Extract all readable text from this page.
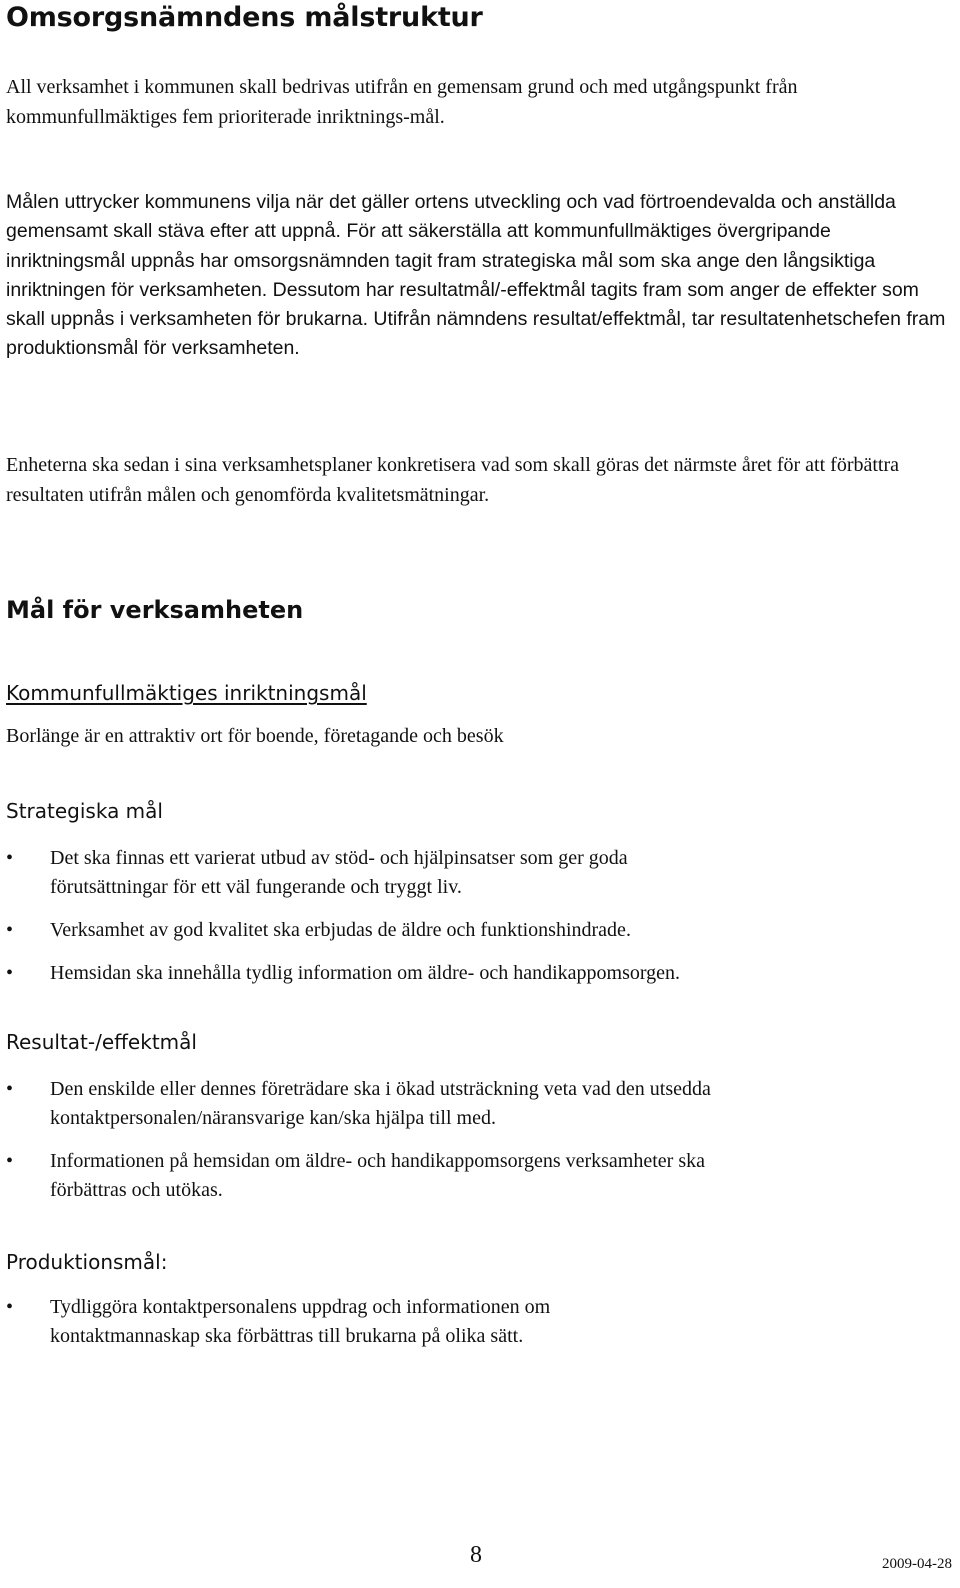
Omsorgsnämndens målstruktur

All verksamhet i kommunen skall bedrivas utifrån en gemensam grund och med utgångspunkt från kommunfullmäktiges fem prioriterade inriktnings-mål.

Målen uttrycker kommunens vilja när det gäller ortens utveckling och vad förtroendevalda och anställda gemensamt skall stäva efter att uppnå. För att säkerställa att kommunfullmäktiges övergripande inriktningsmål uppnås har omsorgsnämnden tagit fram strategiska mål som ska ange den långsiktiga inriktningen för verksamheten. Dessutom har resultatmål/-effektmål tagits fram som anger de effekter som skall uppnås i verksamheten för brukarna. Utifrån nämndens resultat/effektmål, tar resultatenhetschefen fram produktionsmål för verksamheten.

Enheterna ska sedan i sina verksamhetsplaner konkretisera vad som skall göras det närmste året för att förbättra resultaten utifrån målen och genomförda kvalitetsmätningar.

Mål för verksamheten
Kommunfullmäktiges inriktningsmål

Borlänge är en attraktiv ort för boende, företagande och besök

Strategiska mål
• Det ska finnas ett varierat utbud av stöd- och hjälpinsatser som ger goda förutsättningar för ett väl fungerande och tryggt liv.
• Verksamhet av god kvalitet ska erbjudas de äldre och funktionshindrade.
• Hemsidan ska innehålla tydlig information om äldre- och handikappomsorgen.
Resultat-/effektmål
• Den enskilde eller dennes företrädare ska i ökad utsträckning veta vad den utsedda kontaktpersonalen/näransvarige kan/ska hjälpa till med.
• Informationen på hemsidan om äldre- och handikappomsorgens verksamheter ska förbättras och utökas.
Produktionsmål:
• Tydliggöra kontaktpersonalens uppdrag och informationen om kontaktmannaskap ska förbättras till brukarna på olika sätt.
8	2009-04-28
